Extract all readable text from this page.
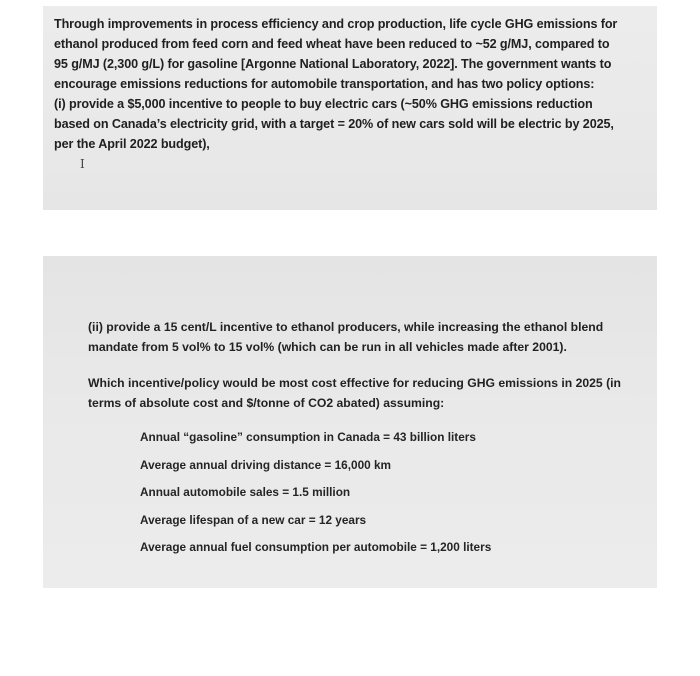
Through improvements in process efficiency and crop production, life cycle GHG emissions for
ethanol produced from feed corn and feed wheat have been reduced to ~52 g/MJ, compared to
95 g/MJ (2,300 g/L) for gasoline [Argonne National Laboratory, 2022]. The government wants to
encourage emissions reductions for automobile transportation, and has two policy options:
(i) provide a $5,000 incentive to people to buy electric cars (~50% GHG emissions reduction
based on Canada’s electricity grid, with a target = 20% of new cars sold will be electric by 2025,
per the April 2022 budget),
I

(ii) provide a 15 cent/L incentive to ethanol producers, while increasing the ethanol blend
mandate from 5 vol% to 15 vol% (which can be run in all vehicles made after 2001).

Which incentive/policy would be most cost effective for reducing GHG emissions in 2025 (in
terms of absolute cost and $/tonne of CO2 abated) assuming:

Annual “gasoline” consumption in Canada = 43 billion liters
Average annual driving distance = 16,000 km
Annual automobile sales = 1.5 million
Average lifespan of a new car = 12 years
Average annual fuel consumption per automobile = 1,200 liters
